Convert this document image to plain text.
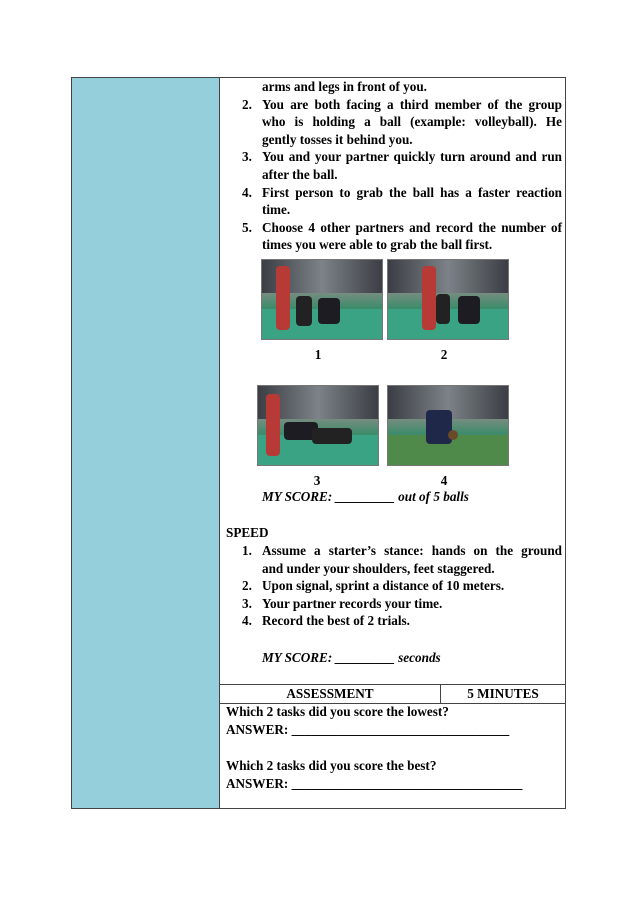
arms and legs in front of you.
2. You are both facing a third member of the group
who is holding a ball (example: volleyball). He
gently tosses it behind you.
3. You and your partner quickly turn around and run
after the ball.
4. First person to grab the ball has a faster reaction
time.
5. Choose 4 other partners and record the number of
times you were able to grab the ball first.
1	2
3	4
MY SCORE: _________ out of 5 balls
SPEED
1. Assume a starter’s stance: hands on the ground
and under your shoulders, feet staggered.
2. Upon signal, sprint a distance of 10 meters.
3. Your partner records your time.
4. Record the best of 2 trials.
MY SCORE: _________ seconds
ASSESSMENT	5 MINUTES
Which 2 tasks did you score the lowest?
ANSWER: _________________________________
Which 2 tasks did you score the best?
ANSWER: ___________________________________
